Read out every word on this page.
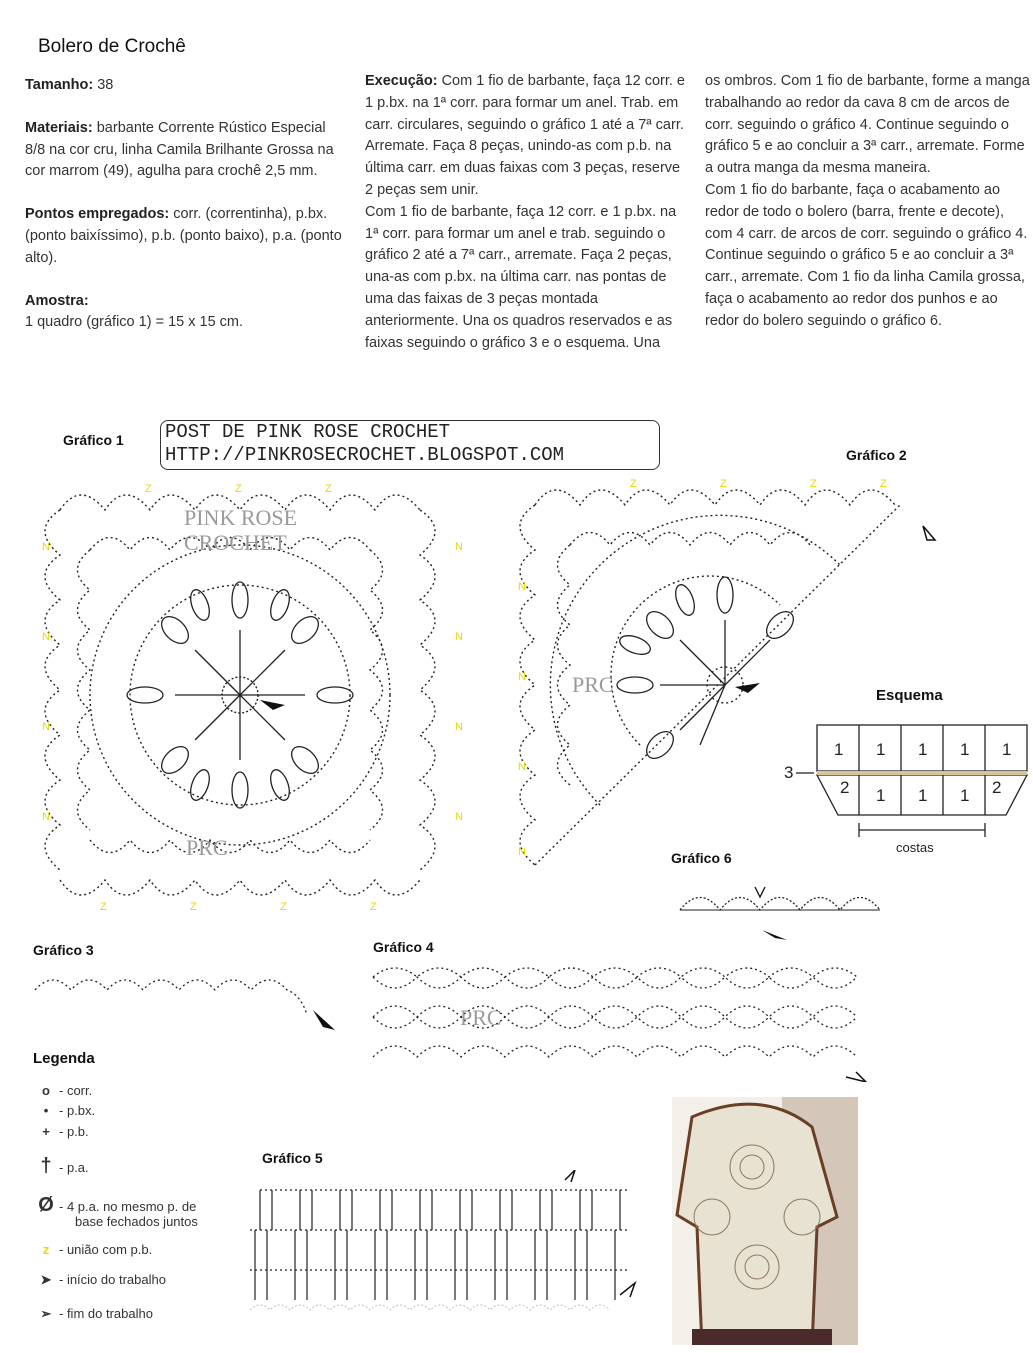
Bolero de Crochê

Tamanho: 38

Materiais: barbante Corrente Rústico Especial 8/8 na cor cru, linha Camila Brilhante Grossa na cor marrom (49), agulha para crochê 2,5 mm.

Pontos empregados: corr. (correntinha), p.bx. (ponto baixíssimo), p.b. (ponto baixo), p.a. (ponto alto).

Amostra:
1 quadro (gráfico 1) = 15 x 15 cm.

Execução: Com 1 fio de barbante, faça 12 corr. e 1 p.bx. na 1ª corr. para formar um anel. Trab. em carr. circulares, seguindo o gráfico 1 até a 7ª carr. Arremate. Faça 8 peças, unindo-as com p.b. na última carr. em duas faixas com 3 peças, reserve 2 peças sem unir.
Com 1 fio de barbante, faça 12 corr. e 1 p.bx. na 1ª corr. para formar um anel e trab. seguindo o gráfico 2 até a 7ª carr., arremate. Faça 2 peças, una-as com p.bx. na última carr. nas pontas de uma das faixas de 3 peças montada anteriormente. Una os quadros reservados e as faixas seguindo o gráfico 3 e o esquema. Una
os ombros. Com 1 fio de barbante, forme a manga trabalhando ao redor da cava 8 cm de arcos de corr. seguindo o gráfico 4. Continue seguindo o gráfico 5 e ao concluir a 3ª carr., arremate. Forme a outra manga da mesma maneira.
Com 1 fio do barbante, faça o acabamento ao redor de todo o bolero (barra, frente e decote), com 4 carr. de arcos de corr. seguindo o gráfico 4. Continue seguindo o gráfico 5 e ao concluir a 3ª carr., arremate. Com 1 fio da linha Camila grossa, faça o acabamento ao redor dos punhos e ao redor do bolero seguindo o gráfico 6.
Gráfico 1
Gráfico 2
Esquema
Gráfico 6
Gráfico 3	Gráfico 4
Gráfico 5
POST DE PINK ROSE CROCHET
HTTP://PINKROSECROCHET.BLOGSPOT.COM
Z	Z	Z
Z	Z	Z	Z
N
N
N
N
N
N
N
N
PINK ROSE
CROCHET
PRC
Z	Z	Z	Z
N
N
N
N
PRC
1 1 1 1 1
2 1 1 1 2
3
costas
PRC
Legenda
o - corr.
• - p.bx.
+ - p.b.
† - p.a.
Ø - 4 p.a. no mesmo p. de
base fechados juntos
z - união com p.b.
➤ - início do trabalho
➢ - fim do trabalho
